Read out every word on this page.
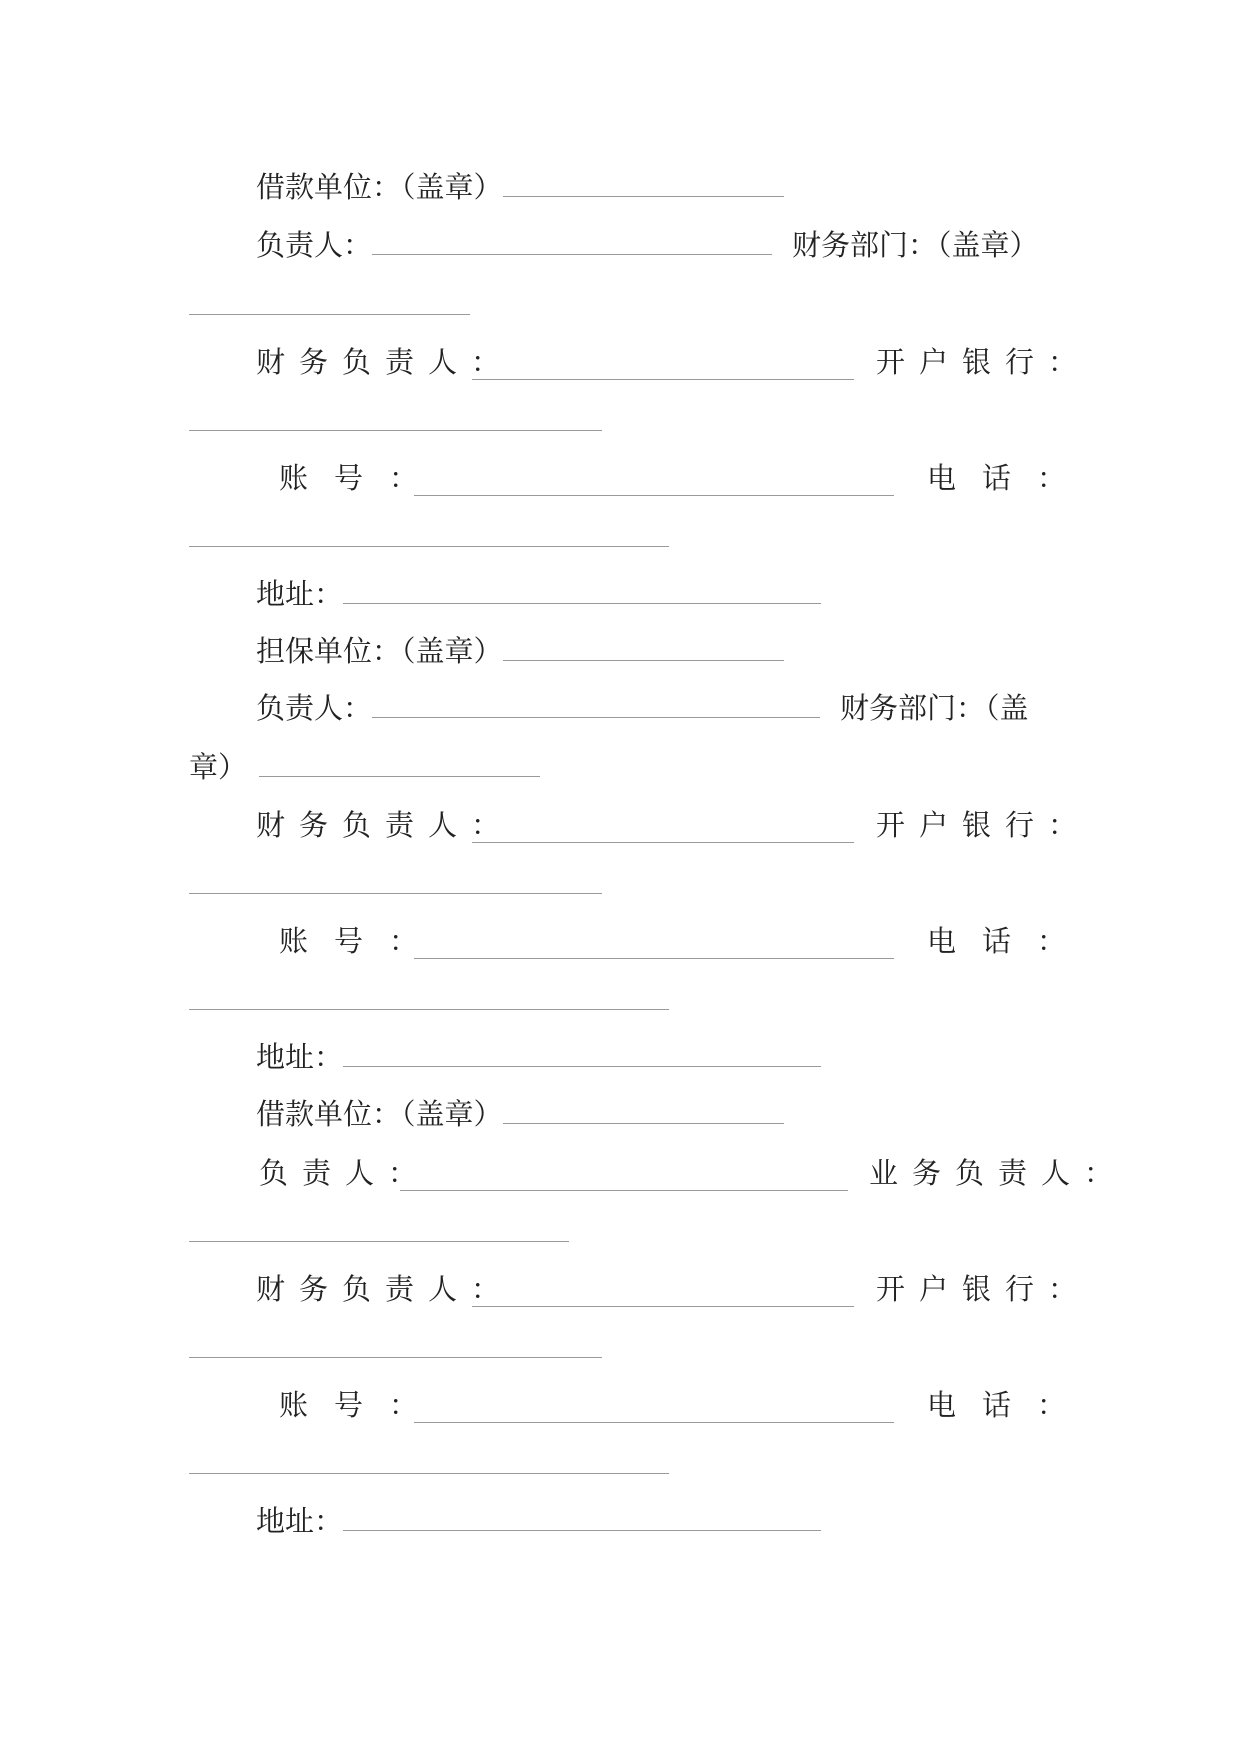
借款单位：（盖章）
负责人：	财务部门：（盖章）
财务负责人：	开户银行：
账号：	电话：
地址：
担保单位：（盖章）
负责人：	财务部门：（盖
章）
财务负责人：	开户银行：
账号：	电话：
地址：
借款单位：（盖章）
负责人：	业务负责人：
财务负责人：	开户银行：
账号：	电话：
地址：
